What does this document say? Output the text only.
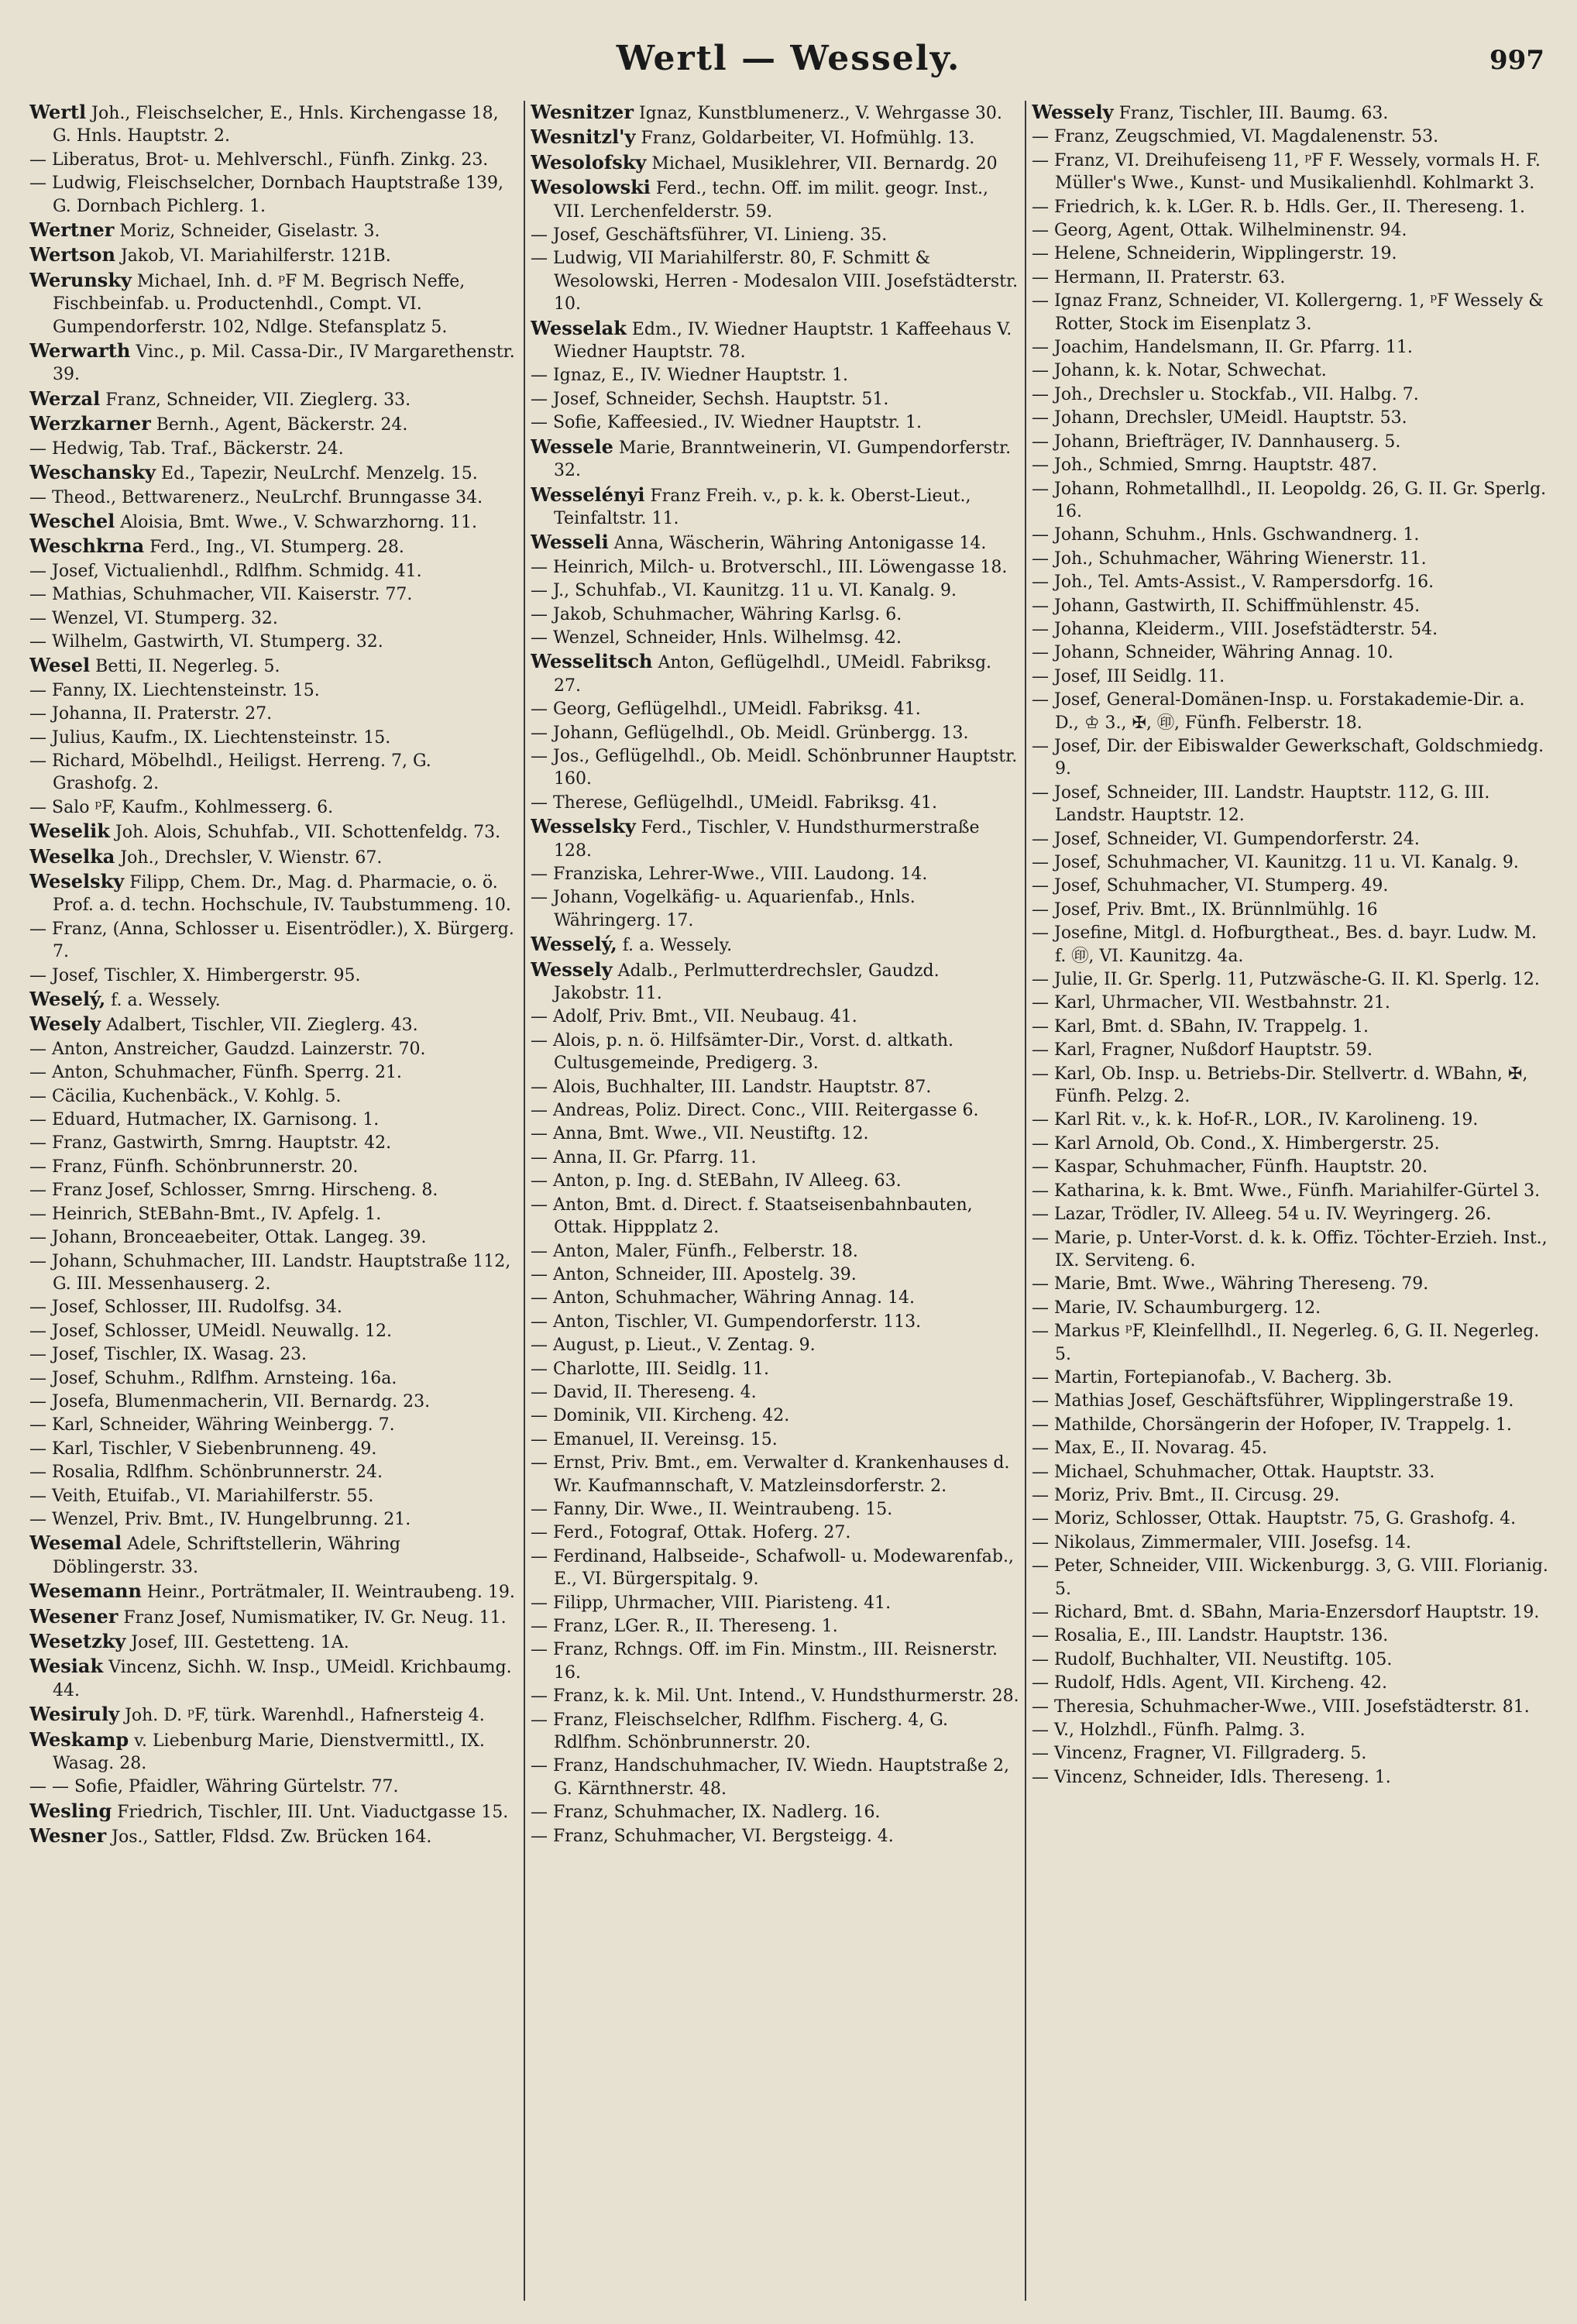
Wertl — Wessely.	997
Wertl Joh., Fleischselcher, E., Hnls. Kirchengasse 18, G. Hnls. Hauptstr. 2.
— Liberatus, Brot- u. Mehlverschl., Fünfh. Zinkg. 23.
— Ludwig, Fleischselcher, Dornbach Hauptstraße 139, G. Dornbach Pichlerg. 1.
Wertner Moriz, Schneider, Giselastr. 3.
Wertson Jakob, VI. Mariahilferstr. 121B.
Werunsky Michael, Inh. d. ᵖF M. Begrisch Neffe, Fischbeinfab. u. Productenhdl., Compt. VI. Gumpendorferstr. 102, Ndlge. Stefansplatz 5.
Werwarth Vinc., p. Mil. Cassa-Dir., IV Margarethenstr. 39.
Werzal Franz, Schneider, VII. Zieglerg. 33.
Werzkarner Bernh., Agent, Bäckerstr. 24.
— Hedwig, Tab. Traf., Bäckerstr. 24.
Weschansky Ed., Tapezir, NeuLrchf. Menzelg. 15.
— Theod., Bettwarenerz., NeuLrchf. Brunngasse 34.
Weschel Aloisia, Bmt. Wwe., V. Schwarzhorng. 11.
Weschkrna Ferd., Ing., VI. Stumperg. 28.
— Josef, Victualienhdl., Rdlfhm. Schmidg. 41.
— Mathias, Schuhmacher, VII. Kaiserstr. 77.
— Wenzel, VI. Stumperg. 32.
— Wilhelm, Gastwirth, VI. Stumperg. 32.
Wesel Betti, II. Negerleg. 5.
— Fanny, IX. Liechtensteinstr. 15.
— Johanna, II. Praterstr. 27.
— Julius, Kaufm., IX. Liechtensteinstr. 15.
— Richard, Möbelhdl., Heiligst. Herreng. 7, G. Grashofg. 2.
— Salo ᵖF, Kaufm., Kohlmesserg. 6.
Weselik Joh. Alois, Schuhfab., VII. Schottenfeldg. 73.
Weselka Joh., Drechsler, V. Wienstr. 67.
Weselsky Filipp, Chem. Dr., Mag. d. Pharmacie, o. ö. Prof. a. d. techn. Hochschule, IV. Taubstummeng. 10.
— Franz, (Anna, Schlosser u. Eisentrödler.), X. Bürgerg. 7.
— Josef, Tischler, X. Himbergerstr. 95.
Weselý, f. a. Wessely.
Wesely Adalbert, Tischler, VII. Zieglerg. 43.
— Anton, Anstreicher, Gaudzd. Lainzerstr. 70.
— Anton, Schuhmacher, Fünfh. Sperrg. 21.
— Cäcilia, Kuchenbäck., V. Kohlg. 5.
— Eduard, Hutmacher, IX. Garnisong. 1.
— Franz, Gastwirth, Smrng. Hauptstr. 42.
— Franz, Fünfh. Schönbrunnerstr. 20.
— Franz Josef, Schlosser, Smrng. Hirscheng. 8.
— Heinrich, StEBahn-Bmt., IV. Apfelg. 1.
— Johann, Bronceaebeiter, Ottak. Langeg. 39.
— Johann, Schuhmacher, III. Landstr. Hauptstraße 112, G. III. Messenhauserg. 2.
— Josef, Schlosser, III. Rudolfsg. 34.
— Josef, Schlosser, UMeidl. Neuwallg. 12.
— Josef, Tischler, IX. Wasag. 23.
— Josef, Schuhm., Rdlfhm. Arnsteing. 16a.
— Josefa, Blumenmacherin, VII. Bernardg. 23.
— Karl, Schneider, Währing Weinbergg. 7.
— Karl, Tischler, V Siebenbrunneng. 49.
— Rosalia, Rdlfhm. Schönbrunnerstr. 24.
— Veith, Etuifab., VI. Mariahilferstr. 55.
— Wenzel, Priv. Bmt., IV. Hungelbrunng. 21.
Wesemal Adele, Schriftstellerin, Währing Döblingerstr. 33.
Wesemann Heinr., Porträtmaler, II. Weintraubeng. 19.
Wesener Franz Josef, Numismatiker, IV. Gr. Neug. 11.
Wesetzky Josef, III. Gestetteng. 1A.
Wesiak Vincenz, Sichh. W. Insp., UMeidl. Krichbaumg. 44.
Wesiruly Joh. D. ᵖF, türk. Warenhdl., Hafnersteig 4.
Weskamp v. Liebenburg Marie, Dienstvermittl., IX. Wasag. 28.
— — Sofie, Pfaidler, Währing Gürtelstr. 77.
Wesling Friedrich, Tischler, III. Unt. Viaductgasse 15.
Wesner Jos., Sattler, Fldsd. Zw. Brücken 164.
Wesnitzer Ignaz, Kunstblumenerz., V. Wehrgasse 30.
Wesnitzl'y Franz, Goldarbeiter, VI. Hofmühlg. 13.
Wesolofsky Michael, Musiklehrer, VII. Bernardg. 20
Wesolowski Ferd., techn. Off. im milit. geogr. Inst., VII. Lerchenfelderstr. 59.
— Josef, Geschäftsführer, VI. Linieng. 35.
— Ludwig, VII Mariahilferstr. 80, F. Schmitt & Wesolowski, Herren - Modesalon VIII. Josefstädterstr. 10.
Wesselak Edm., IV. Wiedner Hauptstr. 1 Kaffeehaus V. Wiedner Hauptstr. 78.
— Ignaz, E., IV. Wiedner Hauptstr. 1.
— Josef, Schneider, Sechsh. Hauptstr. 51.
— Sofie, Kaffeesied., IV. Wiedner Hauptstr. 1.
Wessele Marie, Branntweinerin, VI. Gumpendorferstr. 32.
Wesselényi Franz Freih. v., p. k. k. Oberst-Lieut., Teinfaltstr. 11.
Wesseli Anna, Wäscherin, Währing Antonigasse 14.
— Heinrich, Milch- u. Brotverschl., III. Löwengasse 18.
— J., Schuhfab., VI. Kaunitzg. 11 u. VI. Kanalg. 9.
— Jakob, Schuhmacher, Währing Karlsg. 6.
— Wenzel, Schneider, Hnls. Wilhelmsg. 42.
Wesselitsch Anton, Geflügelhdl., UMeidl. Fabriksg. 27.
— Georg, Geflügelhdl., UMeidl. Fabriksg. 41.
— Johann, Geflügelhdl., Ob. Meidl. Grünbergg. 13.
— Jos., Geflügelhdl., Ob. Meidl. Schönbrunner Hauptstr. 160.
— Therese, Geflügelhdl., UMeidl. Fabriksg. 41.
Wesselsky Ferd., Tischler, V. Hundsthurmerstraße 128.
— Franziska, Lehrer-Wwe., VIII. Laudong. 14.
— Johann, Vogelkäfig- u. Aquarienfab., Hnls. Währingerg. 17.
Wesselý, f. a. Wessely.
Wessely Adalb., Perlmutterdrechsler, Gaudzd. Jakobstr. 11.
— Adolf, Priv. Bmt., VII. Neubaug. 41.
— Alois, p. n. ö. Hilfsämter-Dir., Vorst. d. altkath. Cultusgemeinde, Predigerg. 3.
— Alois, Buchhalter, III. Landstr. Hauptstr. 87.
— Andreas, Poliz. Direct. Conc., VIII. Reitergasse 6.
— Anna, Bmt. Wwe., VII. Neustiftg. 12.
— Anna, II. Gr. Pfarrg. 11.
— Anton, p. Ing. d. StEBahn, IV Alleeg. 63.
— Anton, Bmt. d. Direct. f. Staatseisenbahnbauten, Ottak. Hippplatz 2.
— Anton, Maler, Fünfh., Felberstr. 18.
— Anton, Schneider, III. Apostelg. 39.
— Anton, Schuhmacher, Währing Annag. 14.
— Anton, Tischler, VI. Gumpendorferstr. 113.
— August, p. Lieut., V. Zentag. 9.
— Charlotte, III. Seidlg. 11.
— David, II. Thereseng. 4.
— Dominik, VII. Kircheng. 42.
— Emanuel, II. Vereinsg. 15.
— Ernst, Priv. Bmt., em. Verwalter d. Krankenhauses d. Wr. Kaufmannschaft, V. Matzleinsdorferstr. 2.
— Fanny, Dir. Wwe., II. Weintraubeng. 15.
— Ferd., Fotograf, Ottak. Hoferg. 27.
— Ferdinand, Halbseide-, Schafwoll- u. Modewarenfab., E., VI. Bürgerspitalg. 9.
— Filipp, Uhrmacher, VIII. Piaristeng. 41.
— Franz, LGer. R., II. Thereseng. 1.
— Franz, Rchngs. Off. im Fin. Minstm., III. Reisnerstr. 16.
— Franz, k. k. Mil. Unt. Intend., V. Hundsthurmerstr. 28.
— Franz, Fleischselcher, Rdlfhm. Fischerg. 4, G. Rdlfhm. Schönbrunnerstr. 20.
— Franz, Handschuhmacher, IV. Wiedn. Hauptstraße 2, G. Kärnthnerstr. 48.
— Franz, Schuhmacher, IX. Nadlerg. 16.
— Franz, Schuhmacher, VI. Bergsteigg. 4.
Wessely Franz, Tischler, III. Baumg. 63.
— Franz, Zeugschmied, VI. Magdalenenstr. 53.
— Franz, VI. Dreihufeiseng 11, ᵖF F. Wessely, vormals H. F. Müller's Wwe., Kunst- und Musikalienhdl. Kohlmarkt 3.
— Friedrich, k. k. LGer. R. b. Hdls. Ger., II. Thereseng. 1.
— Georg, Agent, Ottak. Wilhelminenstr. 94.
— Helene, Schneiderin, Wipplingerstr. 19.
— Hermann, II. Praterstr. 63.
— Ignaz Franz, Schneider, VI. Kollergerng. 1, ᵖF Wessely & Rotter, Stock im Eisenplatz 3.
— Joachim, Handelsmann, II. Gr. Pfarrg. 11.
— Johann, k. k. Notar, Schwechat.
— Joh., Drechsler u. Stockfab., VII. Halbg. 7.
— Johann, Drechsler, UMeidl. Hauptstr. 53.
— Johann, Briefträger, IV. Dannhauserg. 5.
— Joh., Schmied, Smrng. Hauptstr. 487.
— Johann, Rohmetallhdl., II. Leopoldg. 26, G. II. Gr. Sperlg. 16.
— Johann, Schuhm., Hnls. Gschwandnerg. 1.
— Joh., Schuhmacher, Währing Wienerstr. 11.
— Joh., Tel. Amts-Assist., V. Rampersdorfg. 16.
— Johann, Gastwirth, II. Schiffmühlenstr. 45.
— Johanna, Kleiderm., VIII. Josefstädterstr. 54.
— Johann, Schneider, Währing Annag. 10.
— Josef, III Seidlg. 11.
— Josef, General-Domänen-Insp. u. Forstakademie-Dir. a. D., ♔ 3., ✠, ㊞, Fünfh. Felberstr. 18.
— Josef, Dir. der Eibiswalder Gewerkschaft, Goldschmiedg. 9.
— Josef, Schneider, III. Landstr. Hauptstr. 112, G. III. Landstr. Hauptstr. 12.
— Josef, Schneider, VI. Gumpendorferstr. 24.
— Josef, Schuhmacher, VI. Kaunitzg. 11 u. VI. Kanalg. 9.
— Josef, Schuhmacher, VI. Stumperg. 49.
— Josef, Priv. Bmt., IX. Brünnlmühlg. 16
— Josefine, Mitgl. d. Hofburgtheat., Bes. d. bayr. Ludw. M. f. ㊞, VI. Kaunitzg. 4a.
— Julie, II. Gr. Sperlg. 11, Putzwäsche-G. II. Kl. Sperlg. 12.
— Karl, Uhrmacher, VII. Westbahnstr. 21.
— Karl, Bmt. d. SBahn, IV. Trappelg. 1.
— Karl, Fragner, Nußdorf Hauptstr. 59.
— Karl, Ob. Insp. u. Betriebs-Dir. Stellvertr. d. WBahn, ✠, Fünfh. Pelzg. 2.
— Karl Rit. v., k. k. Hof-R., LOR., IV. Karolineng. 19.
— Karl Arnold, Ob. Cond., X. Himbergerstr. 25.
— Kaspar, Schuhmacher, Fünfh. Hauptstr. 20.
— Katharina, k. k. Bmt. Wwe., Fünfh. Mariahilfer-Gürtel 3.
— Lazar, Trödler, IV. Alleeg. 54 u. IV. Weyringerg. 26.
— Marie, p. Unter-Vorst. d. k. k. Offiz. Töchter-Erzieh. Inst., IX. Serviteng. 6.
— Marie, Bmt. Wwe., Währing Thereseng. 79.
— Marie, IV. Schaumburgerg. 12.
— Markus ᵖF, Kleinfellhdl., II. Negerleg. 6, G. II. Negerleg. 5.
— Martin, Fortepianofab., V. Bacherg. 3b.
— Mathias Josef, Geschäftsführer, Wipplingerstraße 19.
— Mathilde, Chorsängerin der Hofoper, IV. Trappelg. 1.
— Max, E., II. Novarag. 45.
— Michael, Schuhmacher, Ottak. Hauptstr. 33.
— Moriz, Priv. Bmt., II. Circusg. 29.
— Moriz, Schlosser, Ottak. Hauptstr. 75, G. Grashofg. 4.
— Nikolaus, Zimmermaler, VIII. Josefsg. 14.
— Peter, Schneider, VIII. Wickenburgg. 3, G. VIII. Florianig. 5.
— Richard, Bmt. d. SBahn, Maria-Enzersdorf Hauptstr. 19.
— Rosalia, E., III. Landstr. Hauptstr. 136.
— Rudolf, Buchhalter, VII. Neustiftg. 105.
— Rudolf, Hdls. Agent, VII. Kircheng. 42.
— Theresia, Schuhmacher-Wwe., VIII. Josefstädterstr. 81.
— V., Holzhdl., Fünfh. Palmg. 3.
— Vincenz, Fragner, VI. Fillgraderg. 5.
— Vincenz, Schneider, Idls. Thereseng. 1.
